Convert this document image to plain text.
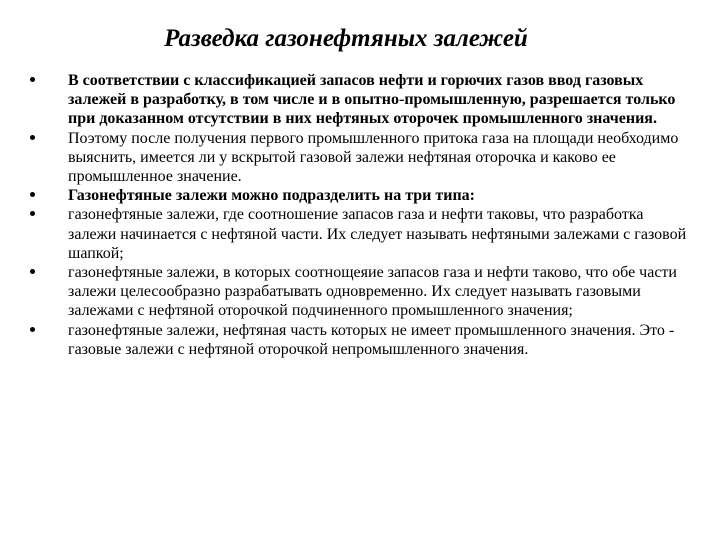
Разведка газонефтяных залежей
В соответствии с классификацией запасов нефти и горючих газов ввод газовых залежей в разработку, в том числе и в опытно-промышленную, разрешается только при доказанном отсутствии в них нефтяных оторочек промышленного значения.
Поэтому после получения первого промышленного притока газа на площади необходимо выяснить, имеется ли у вскрытой газовой залежи нефтяная оторочка и каково ее промышленное значение.
Газонефтяные залежи можно подразделить на три типа:
газонефтяные залежи, где соотношение запасов газа и нефти таковы, что разработка залежи начинается с нефтяной части. Их следует называть нефтяными залежами с газовой шапкой;
газонефтяные залежи, в которых соотнощеяие запасов газа и нефти таково, что обе части залежи целесообразно разрабатывать одновременно. Их следует называть газовыми залежами с нефтяной оторочкой подчиненного промышленного значения;
газонефтяные залежи, нефтяная часть которых не имеет промышленного значения. Это - газовые залежи с нефтяной оторочкой непромышленного значения.
